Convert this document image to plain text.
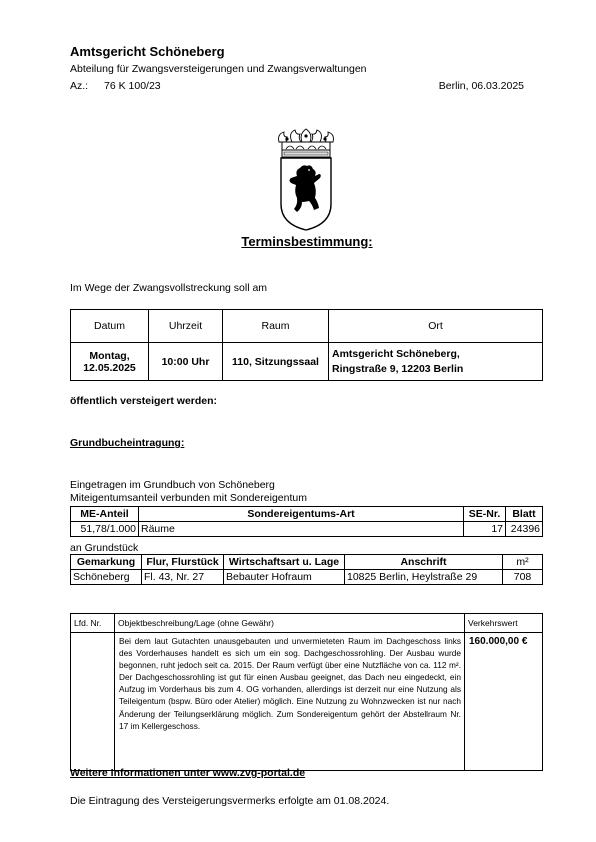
Amtsgericht Schöneberg
Abteilung für Zwangsversteigerungen und Zwangsverwaltungen
Az.: 76 K 100/23	Berlin, 06.03.2025
Terminsbestimmung:
Im Wege der Zwangsvollstreckung soll am
Datum	Uhrzeit	Raum	Ort
Montag,
12.05.2025	10:00 Uhr	110, Sitzungssaal	Amtsgericht Schöneberg,
Ringstraße 9, 12203 Berlin
öffentlich versteigert werden:
Grundbucheintragung:
Eingetragen im Grundbuch von Schöneberg
Miteigentumsanteil verbunden mit Sondereigentum
ME-Anteil	Sondereigentums-Art	SE-Nr.	Blatt
51,78/1.000	Räume	17	24396
an Grundstück
Gemarkung	Flur, Flurstück	Wirtschaftsart u. Lage	Anschrift	m²
Schöneberg	Fl. 43, Nr. 27	Bebauter Hofraum	10825 Berlin, Heylstraße 29	708
Lfd. Nr.	Objektbeschreibung/Lage (ohne Gewähr)	Verkehrswert
	Bei dem laut Gutachten unausgebauten und unvermieteten Raum im Dachgeschoss links des Vorderhauses handelt es sich um ein sog. Dachgeschossrohling. Der Ausbau wurde begonnen, ruht jedoch seit ca. 2015. Der Raum verfügt über eine Nutzfläche von ca. 112 m². Der Dachgeschossrohling ist gut für einen Ausbau geeignet, das Dach neu eingedeckt, ein Aufzug im Vorderhaus bis zum 4. OG vorhanden, allerdings ist derzeit nur eine Nutzung als Teileigentum (bspw. Büro oder Atelier) möglich. Eine Nutzung zu Wohnzwecken ist nur nach Änderung der Teilungserklärung möglich. Zum Sondereigentum gehört der Abstellraum Nr. 17 im Kellergeschoss.	160.000,00 €
Weitere Informationen unter www.zvg-portal.de
Die Eintragung des Versteigerungsvermerks erfolgte am 01.08.2024.
